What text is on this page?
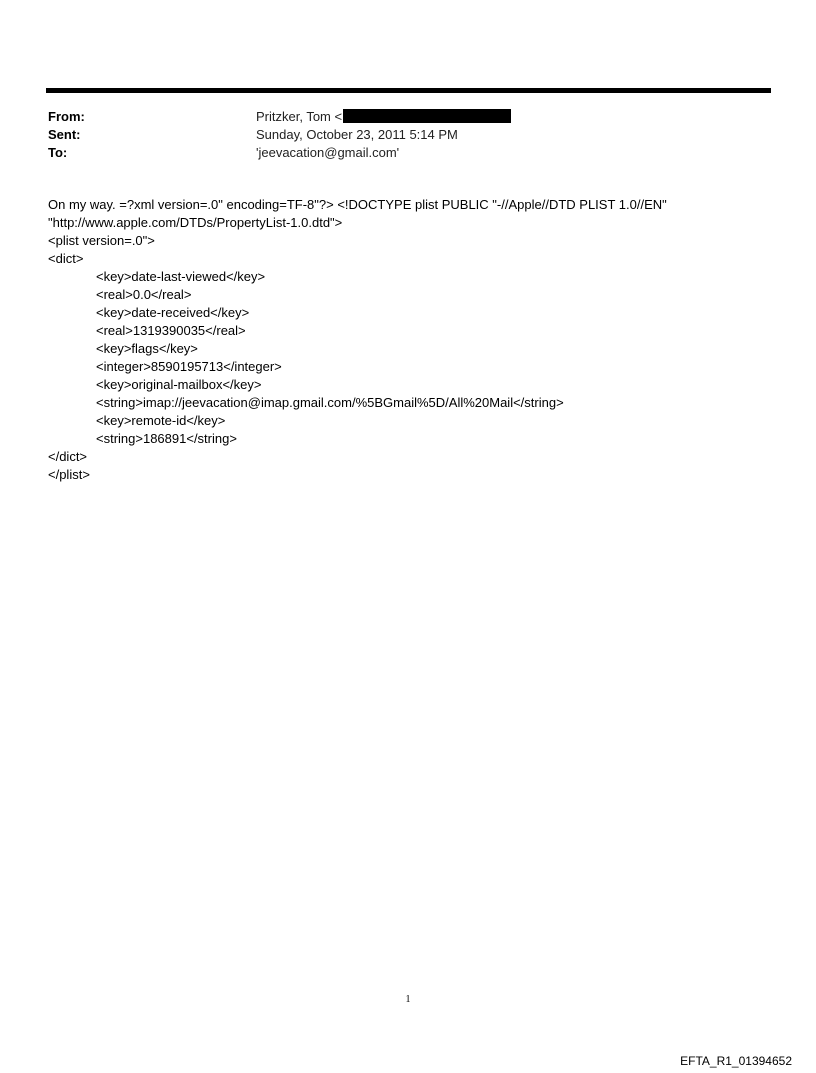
From:	Pritzker, Tom <
Sent:	Sunday, October 23, 2011 5:14 PM
To:	'jeevacation@gmail.com'
On my way. =?xml version=.0" encoding=TF-8"?> <!DOCTYPE plist PUBLIC "-//Apple//DTD PLIST 1.0//EN"
"http://www.apple.com/DTDs/PropertyList-1.0.dtd">
<plist version=.0">
<dict>
<key>date-last-viewed</key>
<real>0.0</real>
<key>date-received</key>
<real>1319390035</real>
<key>flags</key>
<integer>8590195713</integer>
<key>original-mailbox</key>
<string>imap://jeevacation@imap.gmail.com/%5BGmail%5D/All%20Mail</string>
<key>remote-id</key>
<string>186891</string>
</dict>
</plist>
1
EFTA_R1_01394652
